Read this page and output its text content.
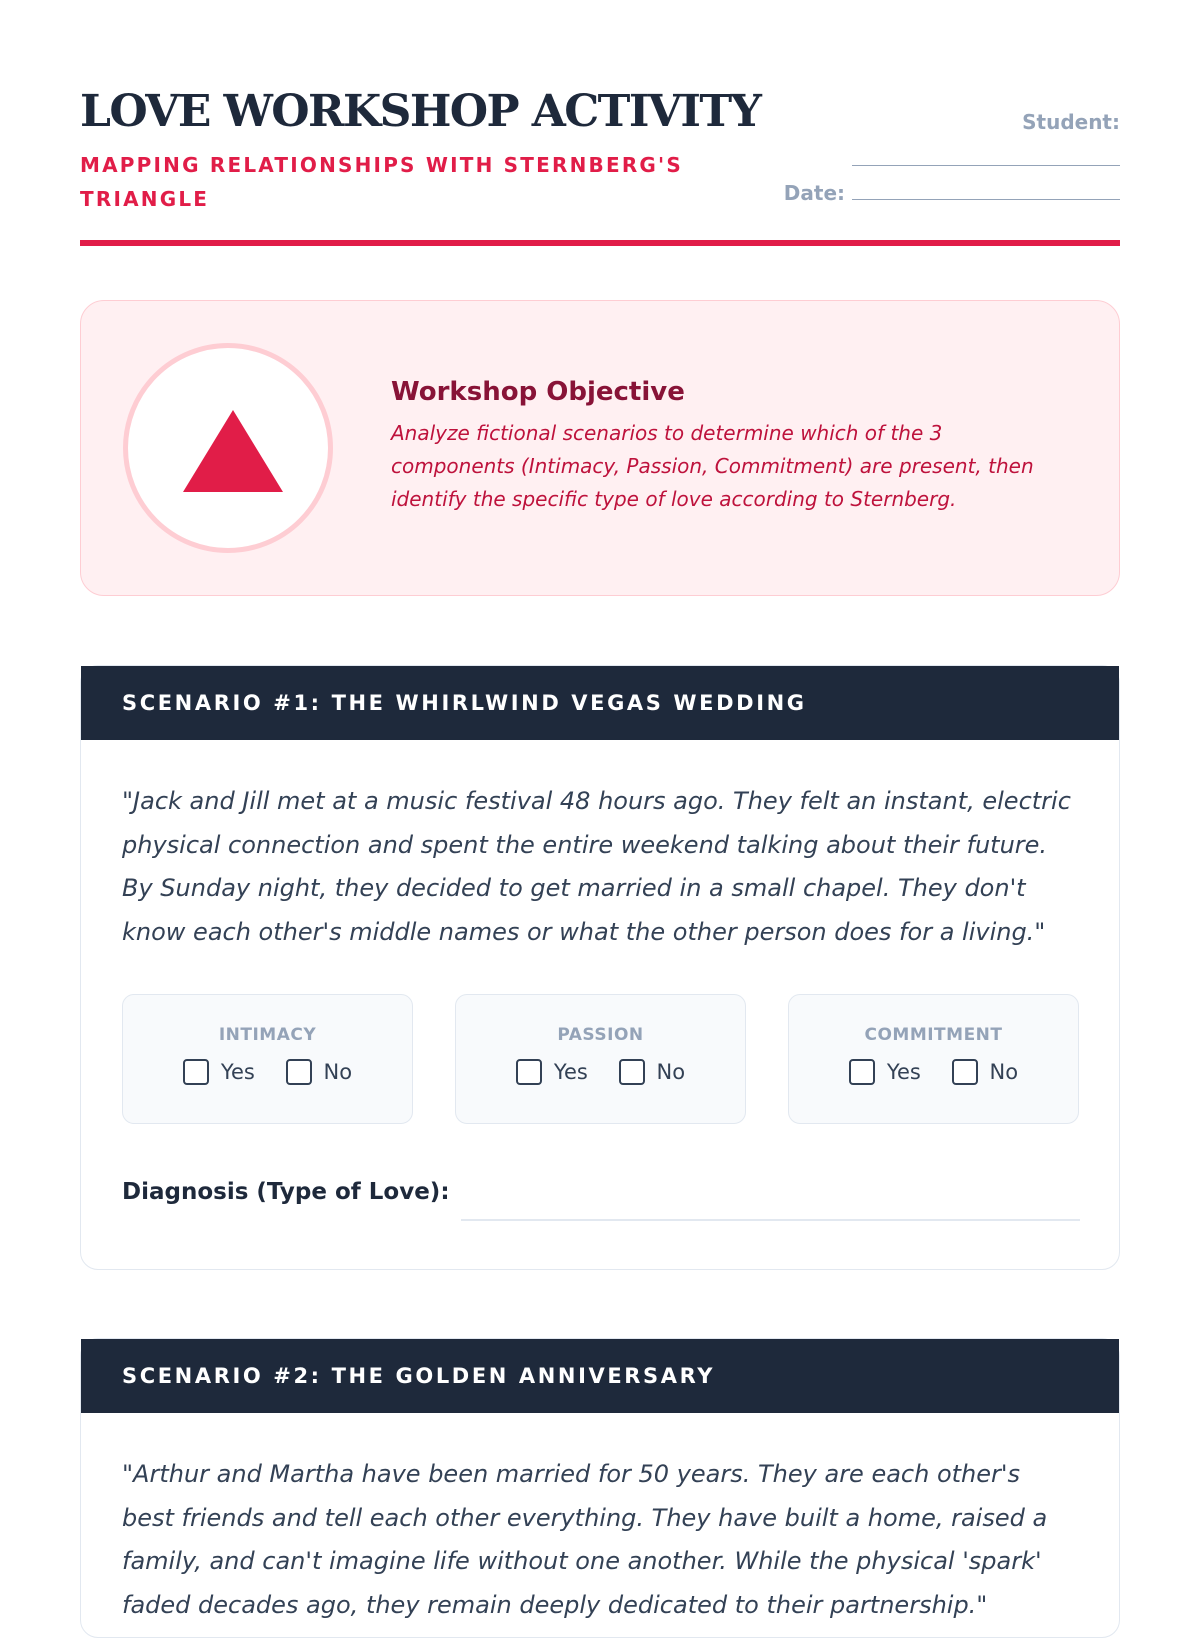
LOVE WORKSHOP ACTIVITY
MAPPING RELATIONSHIPS WITH STERNBERG'S TRIANGLE
Student:
Date:
Workshop Objective
Analyze fictional scenarios to determine which of the 3 components (Intimacy, Passion, Commitment) are present, then identify the specific type of love according to Sternberg.
SCENARIO #1: THE WHIRLWIND VEGAS WEDDING
"Jack and Jill met at a music festival 48 hours ago. They felt an instant, electric physical connection and spent the entire weekend talking about their future. By Sunday night, they decided to get married in a small chapel. They don't know each other's middle names or what the other person does for a living."
INTIMACY
Yes	No
PASSION
Yes	No
COMMITMENT
Yes	No
Diagnosis (Type of Love):
SCENARIO #2: THE GOLDEN ANNIVERSARY
"Arthur and Martha have been married for 50 years. They are each other's best friends and tell each other everything. They have built a home, raised a family, and can't imagine life without one another. While the physical 'spark' faded decades ago, they remain deeply dedicated to their partnership."
